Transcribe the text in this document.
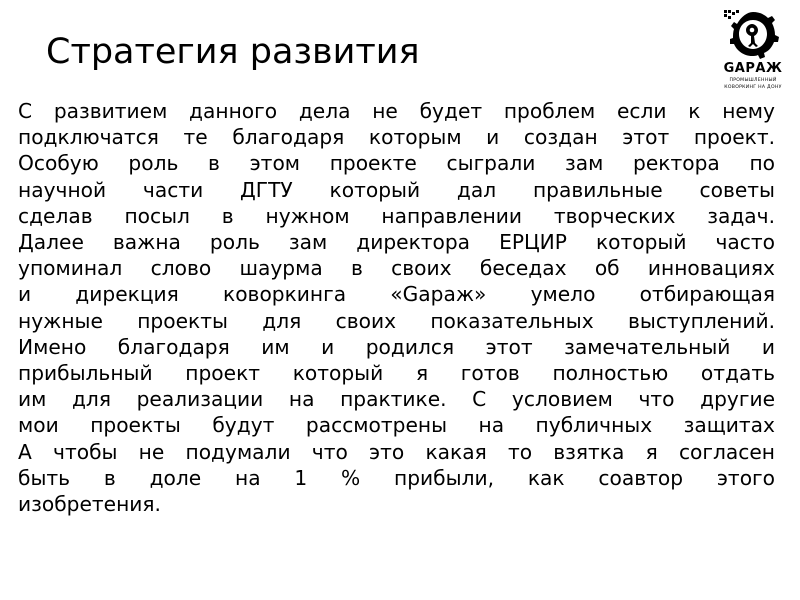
Стратегия развития	GАРАЖ
ПРОМЫШЛЕННЫЙ
КОВОРКИНГ НА ДОНУ
С развитием данного дела не будет проблем если к нему
подключатся те благодаря которым и создан этот проект.
Особую роль в этом проекте сыграли зам ректора по
научной части ДГТУ который дал правильные советы
сделав посыл в нужном направлении творческих задач.
Далее важна роль зам директора ЕРЦИР который часто
упоминал слово шаурма в своих беседах об инновациях
и дирекция коворкинга «Gараж» умело отбирающая
нужные проекты для своих показательных выступлений.
Имено благодаря им и родился этот замечательный и
прибыльный проект который я готов полностью отдать
им для реализации на практике. С условием что другие
мои проекты будут рассмотрены на публичных защитах
А чтобы не подумали что это какая то взятка я согласен
быть в доле на 1 % прибыли, как соавтор этого
изобретения.
